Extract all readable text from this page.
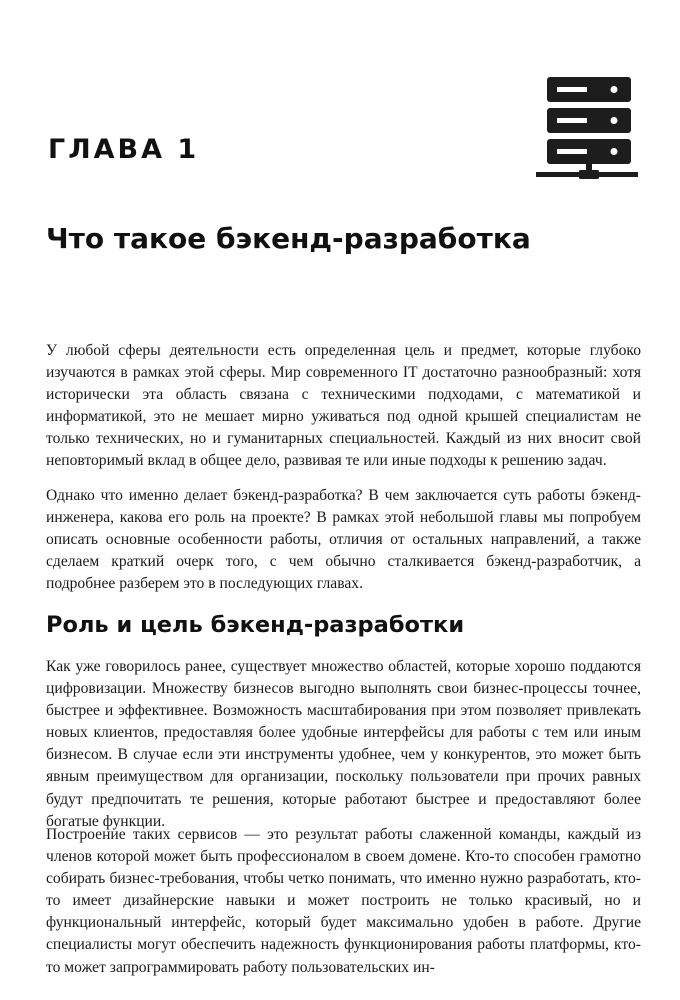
ГЛАВА 1
Что такое бэкенд-разработка

У любой сферы деятельности есть определенная цель и предмет, которые глубоко изучаются в рамках этой сферы. Мир современного IT достаточно разнообразный: хотя исторически эта область связана с техническими подходами, с математикой и информатикой, это не мешает мирно уживаться под одной крышей специалистам не только технических, но и гуманитарных специальностей. Каждый из них вносит свой неповторимый вклад в общее дело, развивая те или иные подходы к решению задач.

Однако что именно делает бэкенд-разработка? В чем заключается суть работы бэкенд-инженера, какова его роль на проекте? В рамках этой небольшой главы мы попробуем описать основные особенности работы, отличия от остальных направлений, а также сделаем краткий очерк того, с чем обычно сталкивается бэкенд-разработчик, а подробнее разберем это в последующих главах.

Роль и цель бэкенд-разработки

Как уже говорилось ранее, существует множество областей, которые хорошо поддаются цифровизации. Множеству бизнесов выгодно выполнять свои бизнес-процессы точнее, быстрее и эффективнее. Возможность масштабирования при этом позволяет привлекать новых клиентов, предоставляя более удобные интерфейсы для работы с тем или иным бизнесом. В случае если эти инструменты удобнее, чем у конкурентов, это может быть явным преимуществом для организации, поскольку пользователи при прочих равных будут предпочитать те решения, которые работают быстрее и предоставляют более богатые функции.

Построение таких сервисов — это результат работы слаженной команды, каждый из членов которой может быть профессионалом в своем домене. Кто-то способен грамотно собирать бизнес-требования, чтобы четко понимать, что именно нужно разработать, кто-то имеет дизайнерские навыки и может построить не только красивый, но и функциональный интерфейс, который будет максимально удобен в работе. Другие специалисты могут обеспечить надежность функционирования работы платформы, кто-то может запрограммировать работу пользовательских ин-
